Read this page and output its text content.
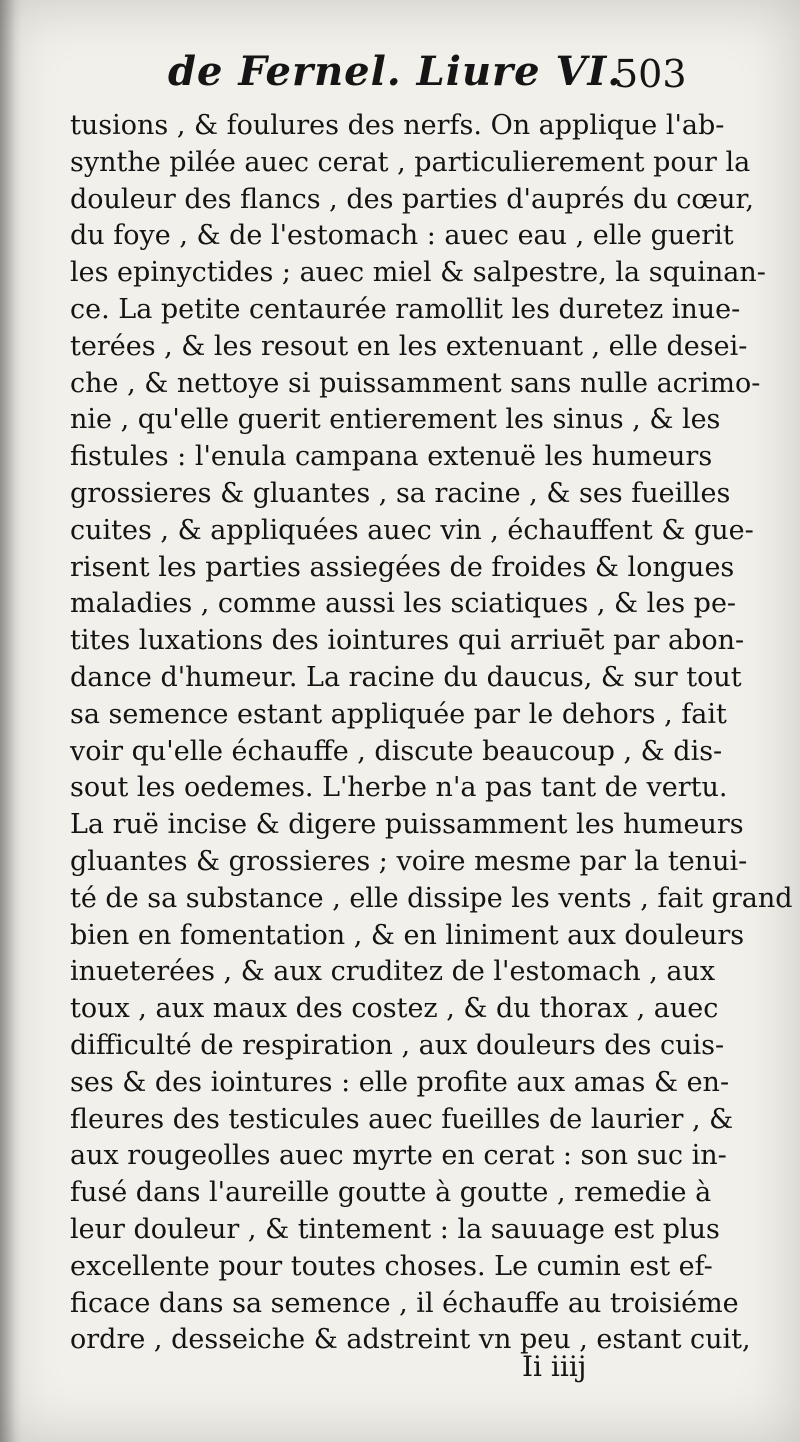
de Fernel. Liure VI.
503
tusions , & foulures des nerfs. On applique l'ab-
synthe pilée auec cerat , particulierement pour la
douleur des flancs , des parties d'auprés du cœur,
du foye , & de l'estomach : auec eau , elle guerit
les epinyctides ; auec miel & salpestre, la squinan-
ce. La petite centaurée ramollit les duretez inue-
terées , & les resout en les extenuant , elle desei-
che , & nettoye si puissamment sans nulle acrimo-
nie , qu'elle guerit entierement les sinus , & les
fistules : l'enula campana extenuë les humeurs
grossieres & gluantes , sa racine , & ses fueilles
cuites , & appliquées auec vin , échauffent & gue-
risent les parties assiegées de froides & longues
maladies , comme aussi les sciatiques , & les pe-
tites luxations des iointures qui arriuēt par abon-
dance d'humeur. La racine du daucus, & sur tout
sa semence estant appliquée par le dehors , fait
voir qu'elle échauffe , discute beaucoup , & dis-
sout les oedemes. L'herbe n'a pas tant de vertu.
La ruë incise & digere puissamment les humeurs
gluantes & grossieres ; voire mesme par la tenui-
té de sa substance , elle dissipe les vents , fait grand
bien en fomentation , & en liniment aux douleurs
inueterées , & aux cruditez de l'estomach , aux
toux , aux maux des costez , & du thorax , auec
difficulté de respiration , aux douleurs des cuis-
ses & des iointures : elle profite aux amas & en-
fleures des testicules auec fueilles de laurier , &
aux rougeolles auec myrte en cerat : son suc in-
fusé dans l'aureille goutte à goutte , remedie à
leur douleur , & tintement : la sauuage est plus
excellente pour toutes choses. Le cumin est ef-
ficace dans sa semence , il échauffe au troisiéme
ordre , desseiche & adstreint vn peu , estant cuit,
Ii iiij
